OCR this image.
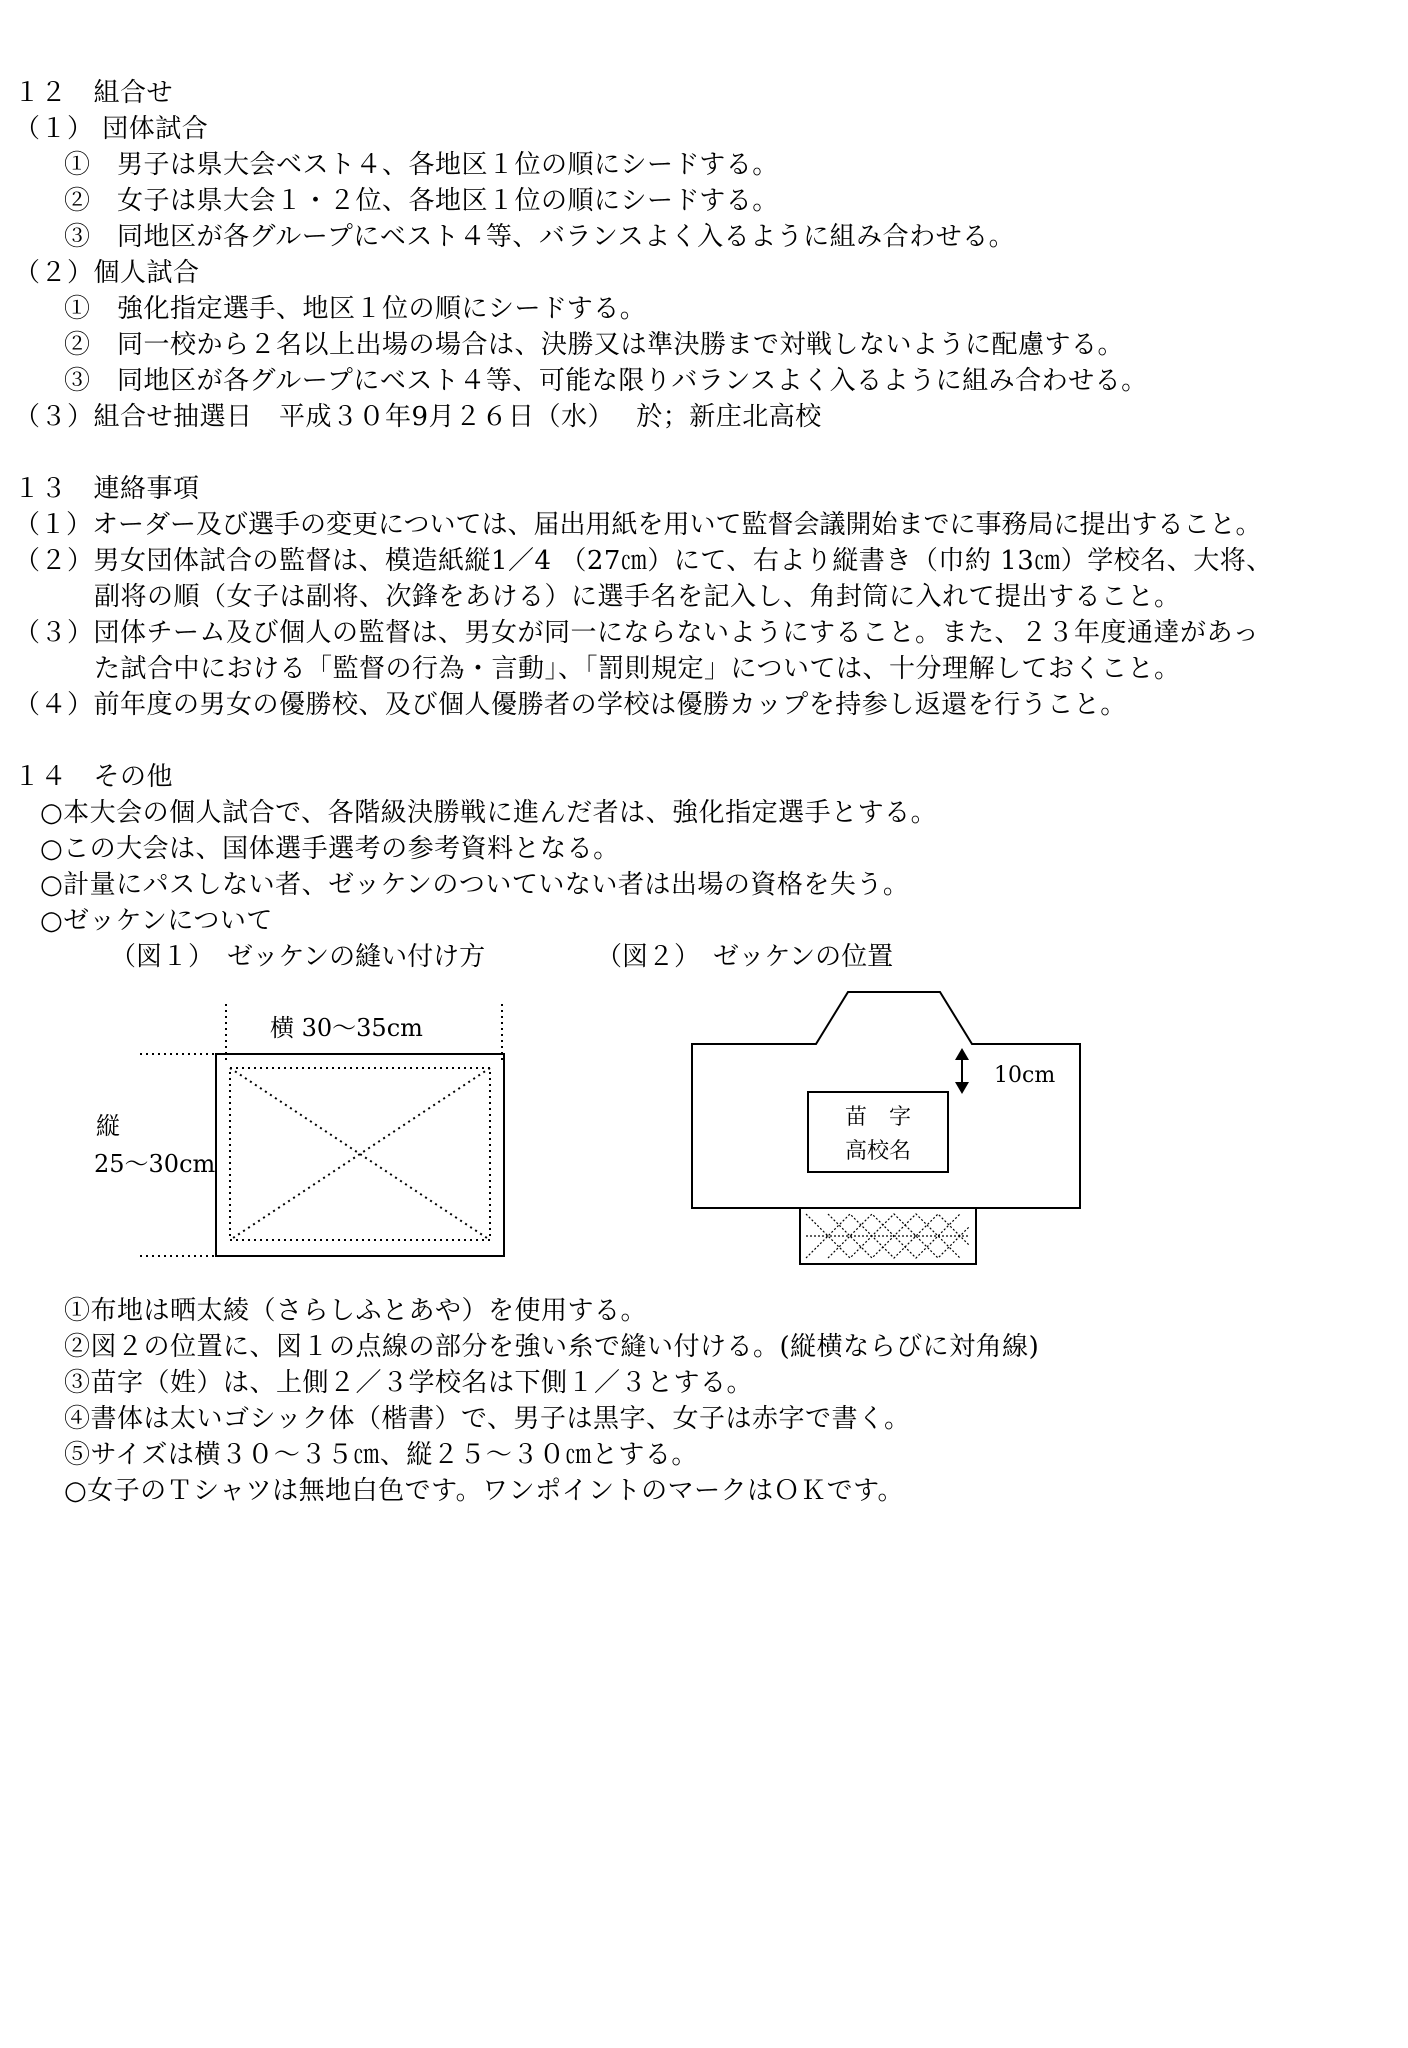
１２　組合せ
（１） 団体試合
①　男子は県大会ベスト４、各地区１位の順にシードする。
②　女子は県大会１・２位、各地区１位の順にシードする。
③　同地区が各グループにベスト４等、バランスよく入るように組み合わせる。
（２）個人試合
①　強化指定選手、地区１位の順にシードする。
②　同一校から２名以上出場の場合は、決勝又は準決勝まで対戦しないように配慮する。
③　同地区が各グループにベスト４等、可能な限りバランスよく入るように組み合わせる。
（３）組合せ抽選日　平成３０年9月２６日（水）　 於；新庄北高校
１３　連絡事項
（１）オーダー及び選手の変更については、届出用紙を用いて監督会議開始までに事務局に提出すること。
（２）男女団体試合の監督は、模造紙縦1／4 （27㎝）にて、右より縦書き（巾約 13㎝）学校名、大将、
副将の順（女子は副将、次鋒をあける）に選手名を記入し、角封筒に入れて提出すること。
（３）団体チーム及び個人の監督は、男女が同一にならないようにすること。また、２３年度通達があっ
た試合中における「監督の行為・言動」、「罰則規定」については、十分理解しておくこと。
（４）前年度の男女の優勝校、及び個人優勝者の学校は優勝カップを持参し返還を行うこと。
１４　その他
○本大会の個人試合で、各階級決勝戦に進んだ者は、強化指定選手とする。
○この大会は、国体選手選考の参考資料となる。
○計量にパスしない者、ゼッケンのついていない者は出場の資格を失う。
○ゼッケンについて
（図１）　ゼッケンの縫い付け方	（図２）　ゼッケンの位置
横 30～35cm
縦
25～30cm
10cm
苗　字
高校名
①布地は晒太綾（さらしふとあや）を使用する。
②図２の位置に、図１の点線の部分を強い糸で縫い付ける。(縦横ならびに対角線)
③苗字（姓）は、上側２／３学校名は下側１／３とする。
④書体は太いゴシック体（楷書）で、男子は黒字、女子は赤字で書く。
⑤サイズは横３０～３５㎝、縦２５～３０㎝とする。
○女子のＴシャツは無地白色です。ワンポイントのマークはＯＫです。
